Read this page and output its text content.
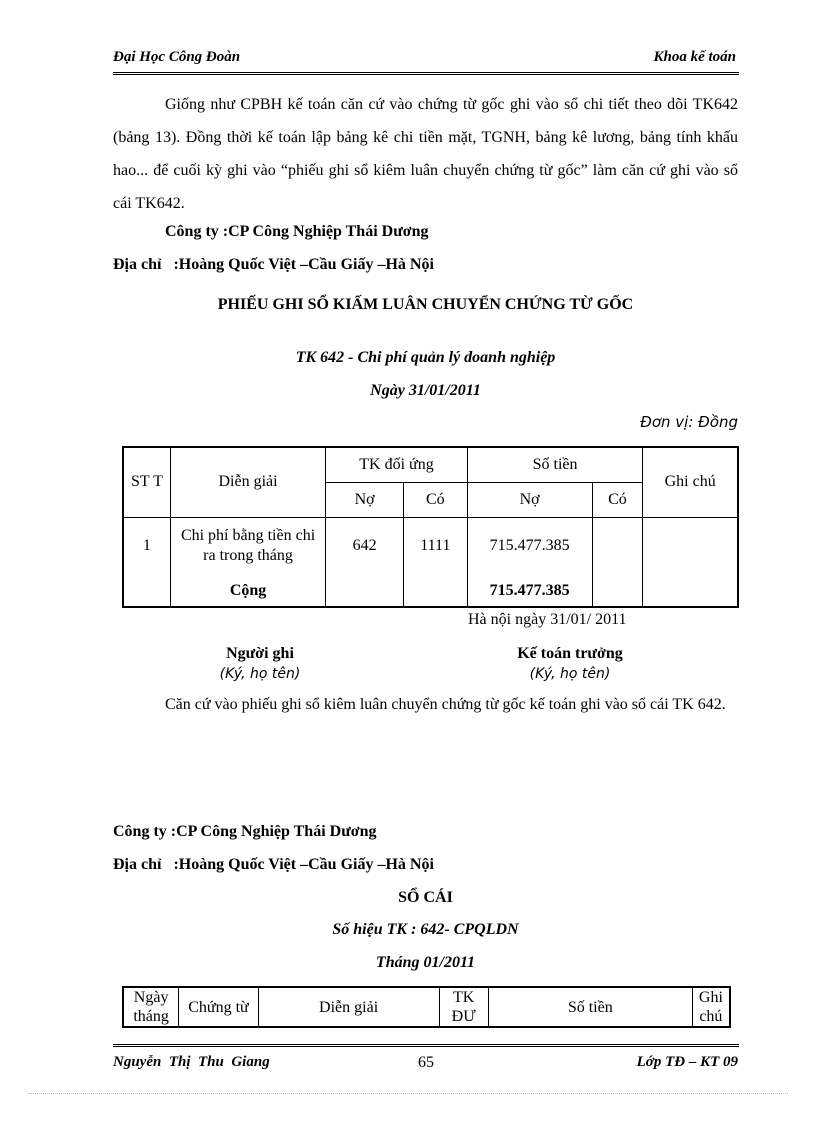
Đại Học Công Đoàn	Khoa kế toán

Giống như CPBH kế toán căn cứ vào chứng từ gốc ghi vào sổ chi tiết theo dõi TK642 (bảng 13). Đồng thời kế toán lập bảng kê chi tiền mặt, TGNH, bảng kê lương, bảng tính khấu hao... để cuối kỳ ghi vào “phiếu ghi sổ kiêm luân chuyển chứng từ gốc” làm căn cứ ghi vào sổ cái TK642.

Công ty :CP Công Nghiệp Thái Dương
Địa chỉ   :Hoàng Quốc Việt –Cầu Giấy –Hà Nội
PHIẾU GHI SỔ KIẤM LUÂN CHUYỂN CHỨNG TỪ GỐC
TK 642 - Chi phí quản lý doanh nghiệp
Ngày 31/01/2011
Đơn vị: Đồng
ST T	Diễn giải	TK đối ứng		Số tiền		Ghi chú
		Nợ	Có	Nợ	Có	
1	Chi phí bằng tiền chi ra trong tháng	642	1111	715.477.385		
	Cộng			715.477.385		
Hà nội ngày 31/01/ 2011
Người ghi
(Ký, họ tên)
Kế toán trưởng
(Ký, họ tên)

Căn cứ vào phiếu ghi sổ kiêm luân chuyển chứng từ gốc kế toán ghi vào sổ cái TK 642.

Công ty :CP Công Nghiệp Thái Dương
Địa chỉ   :Hoàng Quốc Việt –Cầu Giấy –Hà Nội
SỔ CÁI
Số hiệu TK : 642- CPQLDN
Tháng 01/2011
Ngày tháng	Chứng từ	Diễn giải	TK ĐƯ	Số tiền	Ghi chú
Nguyễn  Thị  Thu  Giang	65	Lớp TĐ – KT 09
